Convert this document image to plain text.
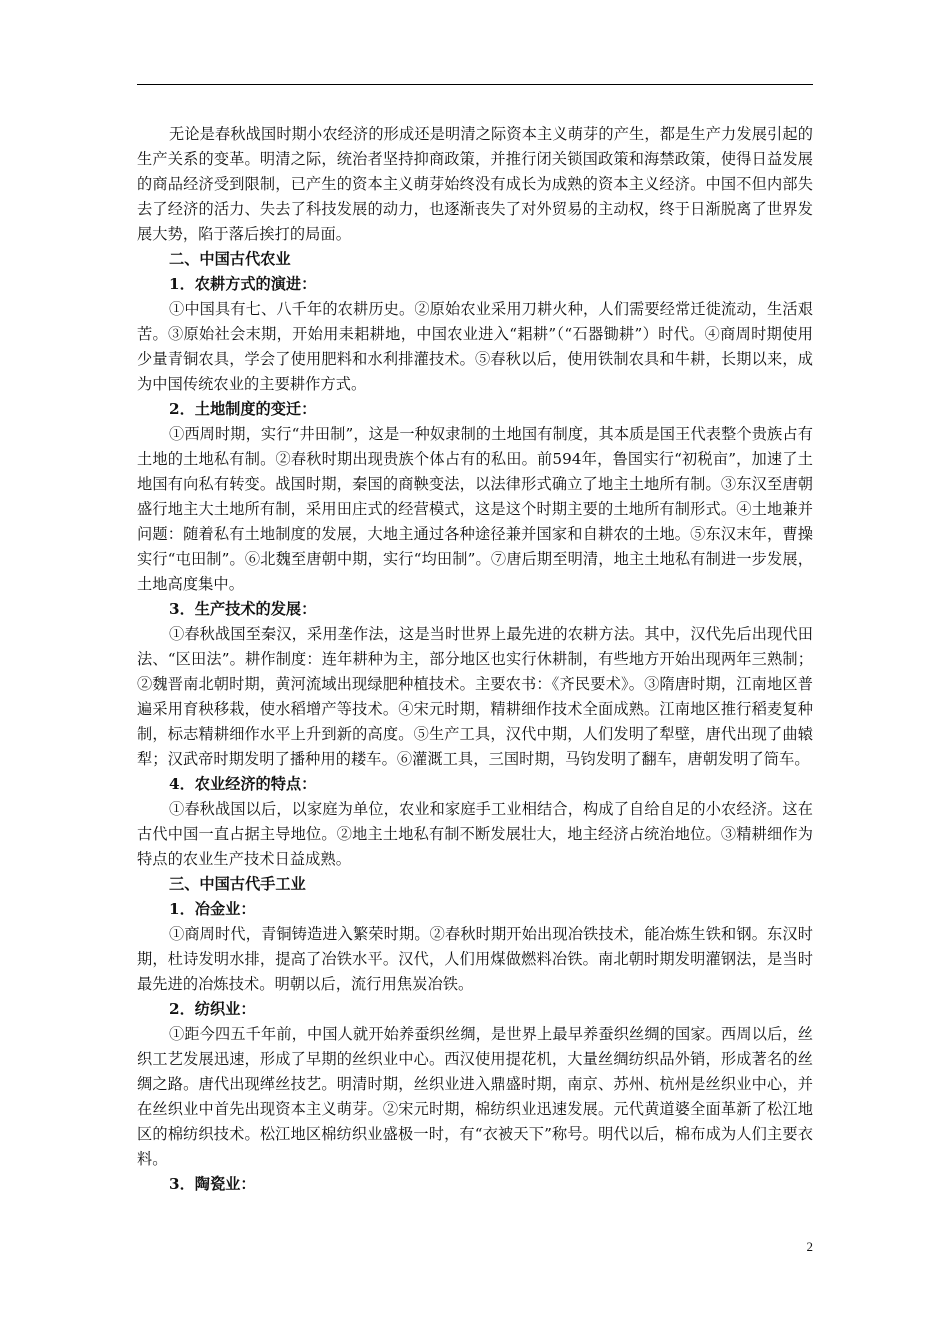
无论是春秋战国时期小农经济的形成还是明清之际资本主义萌芽的产生，都是生产力发展引起的生产关系的变革。明清之际，统治者坚持抑商政策，并推行闭关锁国政策和海禁政策，使得日益发展的商品经济受到限制，已产生的资本主义萌芽始终没有成长为成熟的资本主义经济。中国不但内部失去了经济的活力、失去了科技发展的动力，也逐渐丧失了对外贸易的主动权，终于日渐脱离了世界发展大势，陷于落后挨打的局面。

二、中国古代农业

1．农耕方式的演进：

①中国具有七、八千年的农耕历史。②原始农业采用刀耕火种，人们需要经常迁徙流动，生活艰苦。③原始社会末期，开始用耒耜耕地，中国农业进入“耜耕”（“石器锄耕”）时代。④商周时期使用少量青铜农具，学会了使用肥料和水利排灌技术。⑤春秋以后，使用铁制农具和牛耕，长期以来，成为中国传统农业的主要耕作方式。

2．土地制度的变迁：

①西周时期，实行“井田制”，这是一种奴隶制的土地国有制度，其本质是国王代表整个贵族占有土地的土地私有制。②春秋时期出现贵族个体占有的私田。前594年，鲁国实行“初税亩”，加速了土地国有向私有转变。战国时期，秦国的商鞅变法，以法律形式确立了地主土地所有制。③东汉至唐朝盛行地主大土地所有制，采用田庄式的经营模式，这是这个时期主要的土地所有制形式。④土地兼并问题：随着私有土地制度的发展，大地主通过各种途径兼并国家和自耕农的土地。⑤东汉末年，曹操实行“屯田制”。⑥北魏至唐朝中期，实行“均田制”。⑦唐后期至明清，地主土地私有制进一步发展，土地高度集中。

3．生产技术的发展：

①春秋战国至秦汉，采用垄作法，这是当时世界上最先进的农耕方法。其中，汉代先后出现代田法、“区田法”。耕作制度：连年耕种为主，部分地区也实行休耕制，有些地方开始出现两年三熟制；②魏晋南北朝时期，黄河流域出现绿肥种植技术。主要农书：《齐民要术》。③隋唐时期，江南地区普遍采用育秧移栽，使水稻增产等技术。④宋元时期，精耕细作技术全面成熟。江南地区推行稻麦复种制，标志精耕细作水平上升到新的高度。⑤生产工具，汉代中期，人们发明了犁壁，唐代出现了曲辕犁；汉武帝时期发明了播种用的耧车。⑥灌溉工具，三国时期，马钧发明了翻车，唐朝发明了筒车。

4．农业经济的特点：

①春秋战国以后，以家庭为单位，农业和家庭手工业相结合，构成了自给自足的小农经济。这在古代中国一直占据主导地位。②地主土地私有制不断发展壮大，地主经济占统治地位。③精耕细作为特点的农业生产技术日益成熟。

三、中国古代手工业

1．冶金业：

①商周时代，青铜铸造进入繁荣时期。②春秋时期开始出现冶铁技术，能冶炼生铁和钢。东汉时期，杜诗发明水排，提高了冶铁水平。汉代，人们用煤做燃料冶铁。南北朝时期发明灌钢法，是当时最先进的冶炼技术。明朝以后，流行用焦炭冶铁。

2．纺织业：

①距今四五千年前，中国人就开始养蚕织丝绸，是世界上最早养蚕织丝绸的国家。西周以后，丝织工艺发展迅速，形成了早期的丝织业中心。西汉使用提花机，大量丝绸纺织品外销，形成著名的丝绸之路。唐代出现缂丝技艺。明清时期，丝织业进入鼎盛时期，南京、苏州、杭州是丝织业中心，并在丝织业中首先出现资本主义萌芽。②宋元时期，棉纺织业迅速发展。元代黄道婆全面革新了松江地区的棉纺织技术。松江地区棉纺织业盛极一时，有“衣被天下”称号。明代以后，棉布成为人们主要衣料。

3．陶瓷业：

2
